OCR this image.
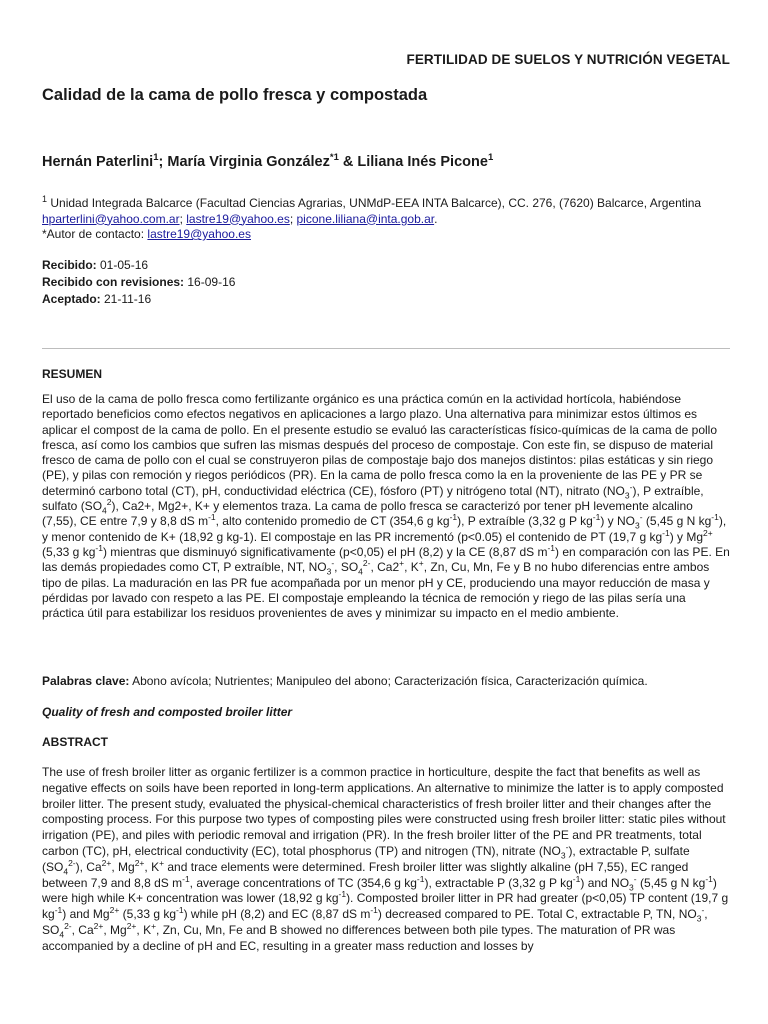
FERTILIDAD DE SUELOS Y NUTRICIÓN VEGETAL
Calidad de la cama de pollo fresca y compostada
Hernán Paterlini$^1$; María Virginia González$^{*1}$ & Liliana Inés Picone$^1$
$^1$ Unidad Integrada Balcarce (Facultad Ciencias Agrarias, UNMdP-EEA INTA Balcarce), CC. 276, (7620) Balcarce, Argentina
hparterlini@yahoo.com.ar; lastre19@yahoo.es; picone.liliana@inta.gob.ar.
*Autor de contacto: lastre19@yahoo.es
Recibido: 01-05-16
Recibido con revisiones: 16-09-16
Aceptado: 21-11-16
RESUMEN
El uso de la cama de pollo fresca como fertilizante orgánico es una práctica común en la actividad hortícola, habiéndose reportado beneficios como efectos negativos en aplicaciones a largo plazo. Una alternativa para minimizar estos últimos es aplicar el compost de la cama de pollo. En el presente estudio se evaluó las características físico-químicas de la cama de pollo fresca, así como los cambios que sufren las mismas después del proceso de compostaje. Con este fin, se dispuso de material fresco de cama de pollo con el cual se construyeron pilas de compostaje bajo dos manejos distintos: pilas estáticas y sin riego (PE), y pilas con remoción y riegos periódicos (PR). En la cama de pollo fresca como la en la proveniente de las PE y PR se determinó carbono total (CT), pH, conductividad eléctrica (CE), fósforo (PT) y nitrógeno total (NT), nitrato $(NO_3^-)$, P extraíble, sulfato $(SO_4^2)$, Ca2+, Mg2+, K+ y elementos traza. La cama de pollo fresca se caracterizó por tener pH levemente alcalino (7,55), CE entre 7,9 y 8,8 dS $m^{-1}$, alto contenido promedio de CT (354,6 g $kg^{-1}$), P extraíble (3,32 g P $kg^{-1}$) y $NO_3^-$ (5,45 g N $kg^{-1}$), y menor contenido de K+ (18,92 g kg-1). El compostaje en las PR incrementó (p<0.05) el contenido de PT (19,7 g $kg^{-1}$) y $Mg^{2+}$ (5,33 g $kg^{-1}$) mientras que disminuyó significativamente (p<0,05) el pH (8,2) y la CE (8,87 dS $m^{-1}$) en comparación con las PE. En las demás propiedades como CT, P extraíble, NT, $NO_3^-$, $SO_4^{2-}$, Ca2+, K+, Zn, Cu, Mn, Fe y B no hubo diferencias entre ambos tipo de pilas. La maduración en las PR fue acompañada por un menor pH y CE, produciendo una mayor reducción de masa y pérdidas por lavado con respeto a las PE. El compostaje empleando la técnica de remoción y riego de las pilas sería una práctica útil para estabilizar los residuos provenientes de aves y minimizar su impacto en el medio ambiente.
Palabras clave: Abono avícola; Nutrientes; Manipuleo del abono; Caracterización física, Caracterización química.
Quality of fresh and composted broiler litter
ABSTRACT
The use of fresh broiler litter as organic fertilizer is a common practice in horticulture, despite the fact that benefits as well as negative effects on soils have been reported in long-term applications. An alternative to minimize the latter is to apply composted broiler litter. The present study, evaluated the physical-chemical characteristics of fresh broiler litter and their changes after the composting process. For this purpose two types of composting piles were constructed using fresh broiler litter: static piles without irrigation (PE), and piles with periodic removal and irrigation (PR). In the fresh broiler litter of the PE and PR treatments, total carbon (TC), pH, electrical conductivity (EC), total phosphorus (TP) and nitrogen (TN), nitrate $(NO_3^-)$, extractable P, sulfate $(SO_4^{2-})$, $Ca^{2+}$, $Mg^{2+}$, K+ and trace elements were determined. Fresh broiler litter was slightly alkaline (pH 7,55), EC ranged between 7,9 and 8,8 dS $m^{-1}$, average concentrations of TC (354,6 g $kg^{-1}$), extractable P (3,32 g P $kg^{-1}$) and $NO_3^-$ (5,45 g N $kg^{-1}$) were high while K+ concentration was lower (18,92 g $kg^{-1}$). Composted broiler litter in PR had greater (p<0,05) TP content (19,7 g $kg^{-1}$) and $Mg^{2+}$ (5,33 g $kg^{-1}$) while pH (8,2) and EC (8,87 dS $m^{-1}$) decreased compared to PE. Total C, extractable P, TN, $NO_3^-$, $SO_4^{2-}$, $Ca^{2+}$, $Mg^{2+}$, K+, Zn, Cu, Mn, Fe and B showed no differences between both pile types. The maturation of PR was accompanied by a decline of pH and EC, resulting in a greater mass reduction and losses by
